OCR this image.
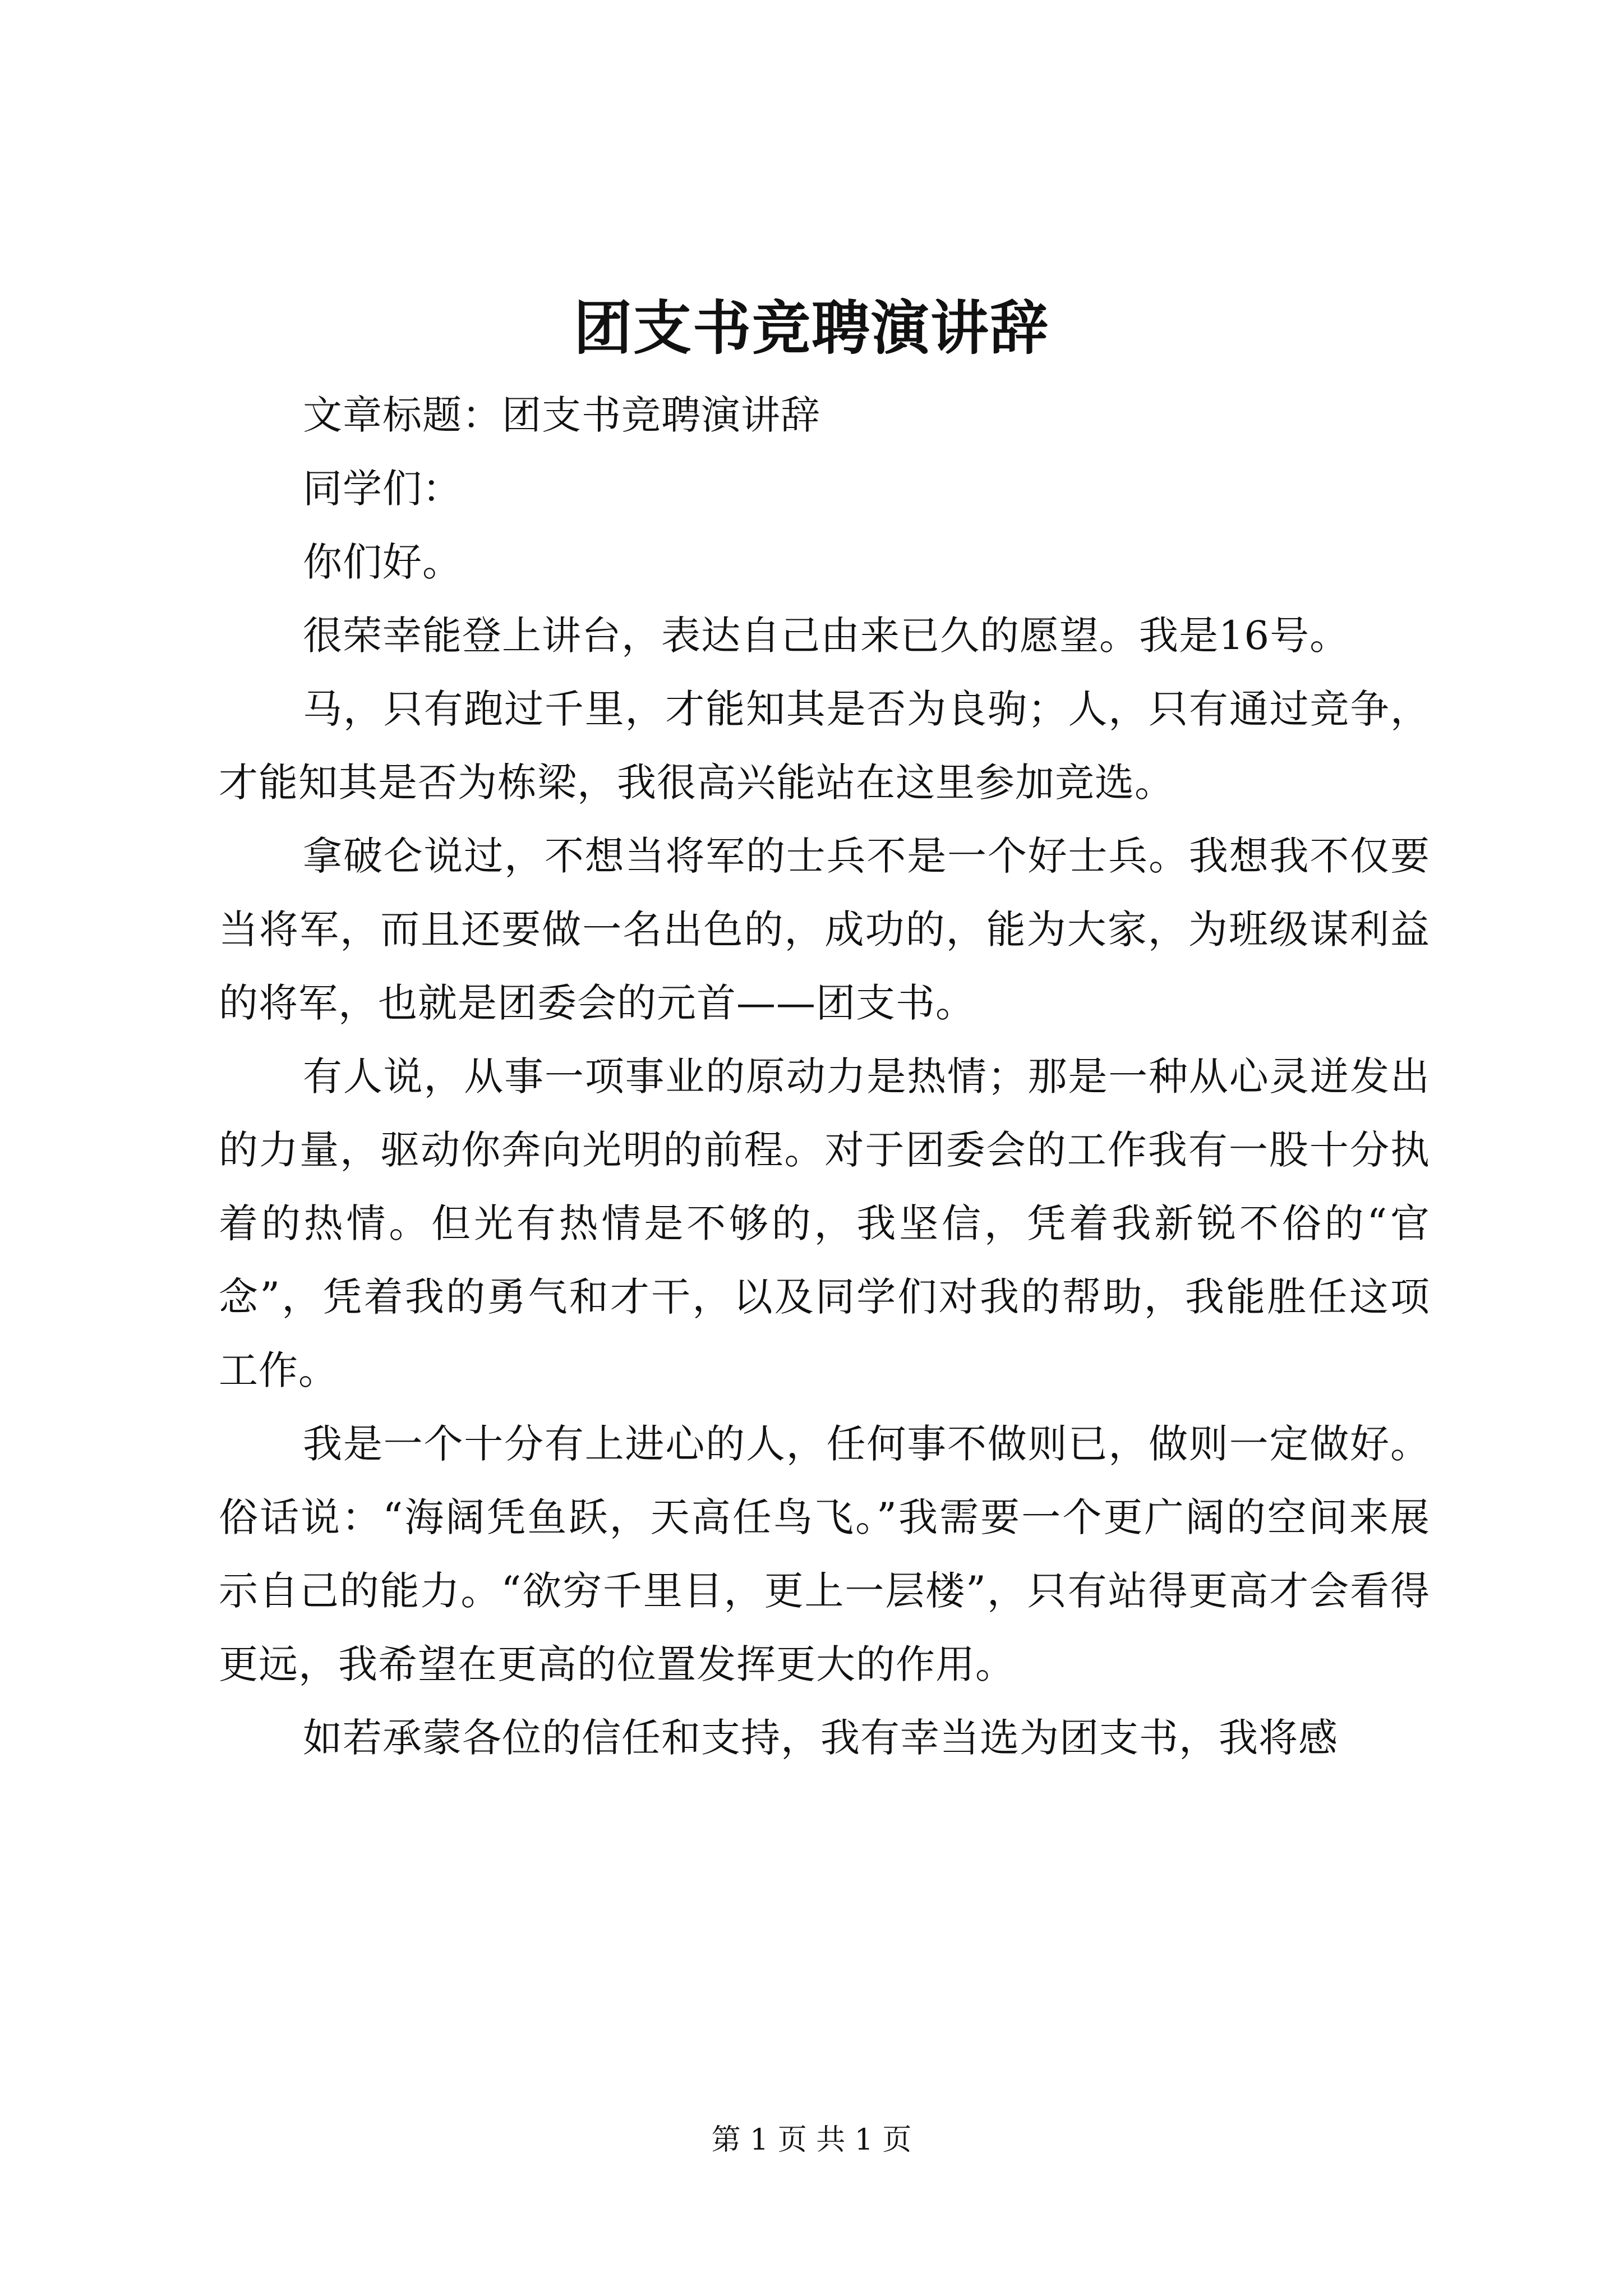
团支书竞聘演讲辞

文章标题：团支书竞聘演讲辞

同学们：

你们好。

很荣幸能登上讲台，表达自己由来已久的愿望。我是16号。

马，只有跑过千里，才能知其是否为良驹；人，只有通过竞争，才能知其是否为栋梁，我很高兴能站在这里参加竞选。

拿破仑说过，不想当将军的士兵不是一个好士兵。我想我不仅要当将军，而且还要做一名出色的，成功的，能为大家，为班级谋利益的将军，也就是团委会的元首——团支书。

有人说，从事一项事业的原动力是热情；那是一种从心灵迸发出的力量，驱动你奔向光明的前程。对于团委会的工作我有一股十分执着的热情。但光有热情是不够的，我坚信，凭着我新锐不俗的“官念”，凭着我的勇气和才干，以及同学们对我的帮助，我能胜任这项工作。

我是一个十分有上进心的人，任何事不做则已，做则一定做好。俗话说：“海阔凭鱼跃，天高任鸟飞。”我需要一个更广阔的空间来展示自己的能力。“欲穷千里目，更上一层楼”，只有站得更高才会看得更远，我希望在更高的位置发挥更大的作用。

如若承蒙各位的信任和支持，我有幸当选为团支书，我将感

第 1 页 共 1 页
